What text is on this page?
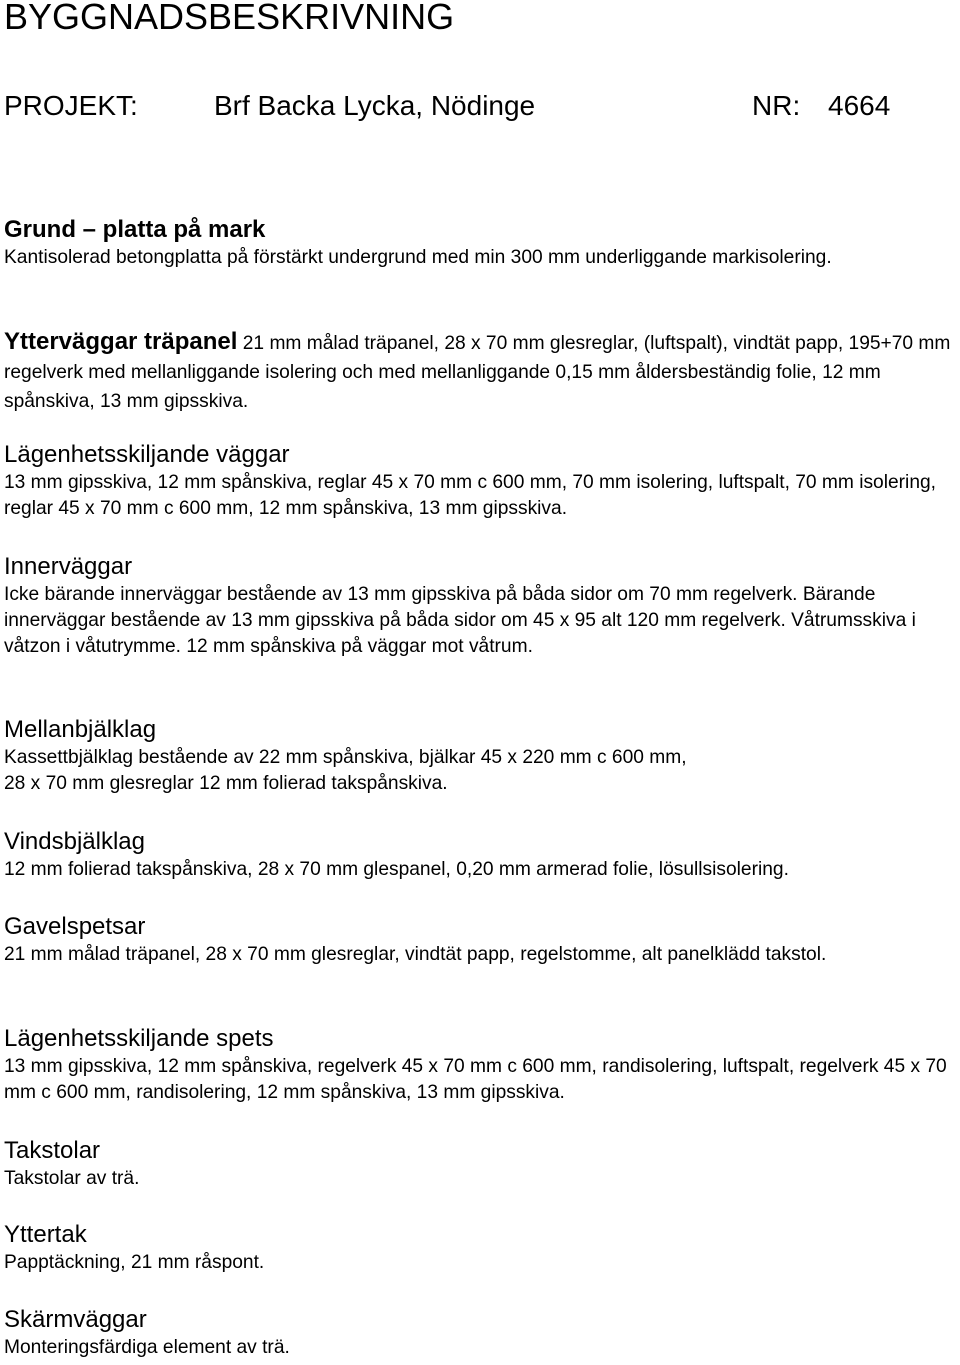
BYGGNADSBESKRIVNING
PROJEKT:	Brf Backa Lycka, Nödinge	NR: 4664
Grund – platta på mark

Kantisolerad betongplatta på förstärkt undergrund med min 300 mm underliggande markisolering.

Ytterväggar träpanel 21 mm målad träpanel, 28 x 70 mm glesreglar, (luftspalt), vindtät papp, 195+70 mm regelverk med mellanliggande isolering och med mellanliggande 0,15 mm åldersbeständig folie, 12 mm spånskiva, 13 mm gipsskiva.

Lägenhetsskiljande väggar

13 mm gipsskiva, 12 mm spånskiva, reglar 45 x 70 mm c 600 mm, 70 mm isolering, luftspalt, 70 mm isolering, reglar 45 x 70 mm c 600 mm, 12 mm spånskiva, 13 mm gipsskiva.

Innerväggar

Icke bärande innerväggar bestående av 13 mm gipsskiva på båda sidor om 70 mm regelverk. Bärande innerväggar bestående av 13 mm gipsskiva på båda sidor om 45 x 95 alt 120 mm regelverk. Våtrumsskiva i våtzon i våtutrymme. 12 mm spånskiva på väggar mot våtrum.

Mellanbjälklag

Kassettbjälklag bestående av 22 mm spånskiva, bjälkar 45 x 220 mm c 600 mm,

28 x 70 mm glesreglar 12 mm folierad takspånskiva.

Vindsbjälklag

12 mm folierad takspånskiva, 28 x 70 mm glespanel, 0,20 mm armerad folie, lösullsisolering.

Gavelspetsar

21 mm målad träpanel, 28 x 70 mm glesreglar, vindtät papp, regelstomme, alt panelklädd takstol.

Lägenhetsskiljande spets

13 mm gipsskiva, 12 mm spånskiva, regelverk 45 x 70 mm c 600 mm, randisolering, luftspalt, regelverk 45 x 70 mm c 600 mm, randisolering, 12 mm spånskiva, 13 mm gipsskiva.

Takstolar

Takstolar av trä.

Yttertak

Papptäckning, 21 mm råspont.

Skärmväggar

Monteringsfärdiga element av trä.
